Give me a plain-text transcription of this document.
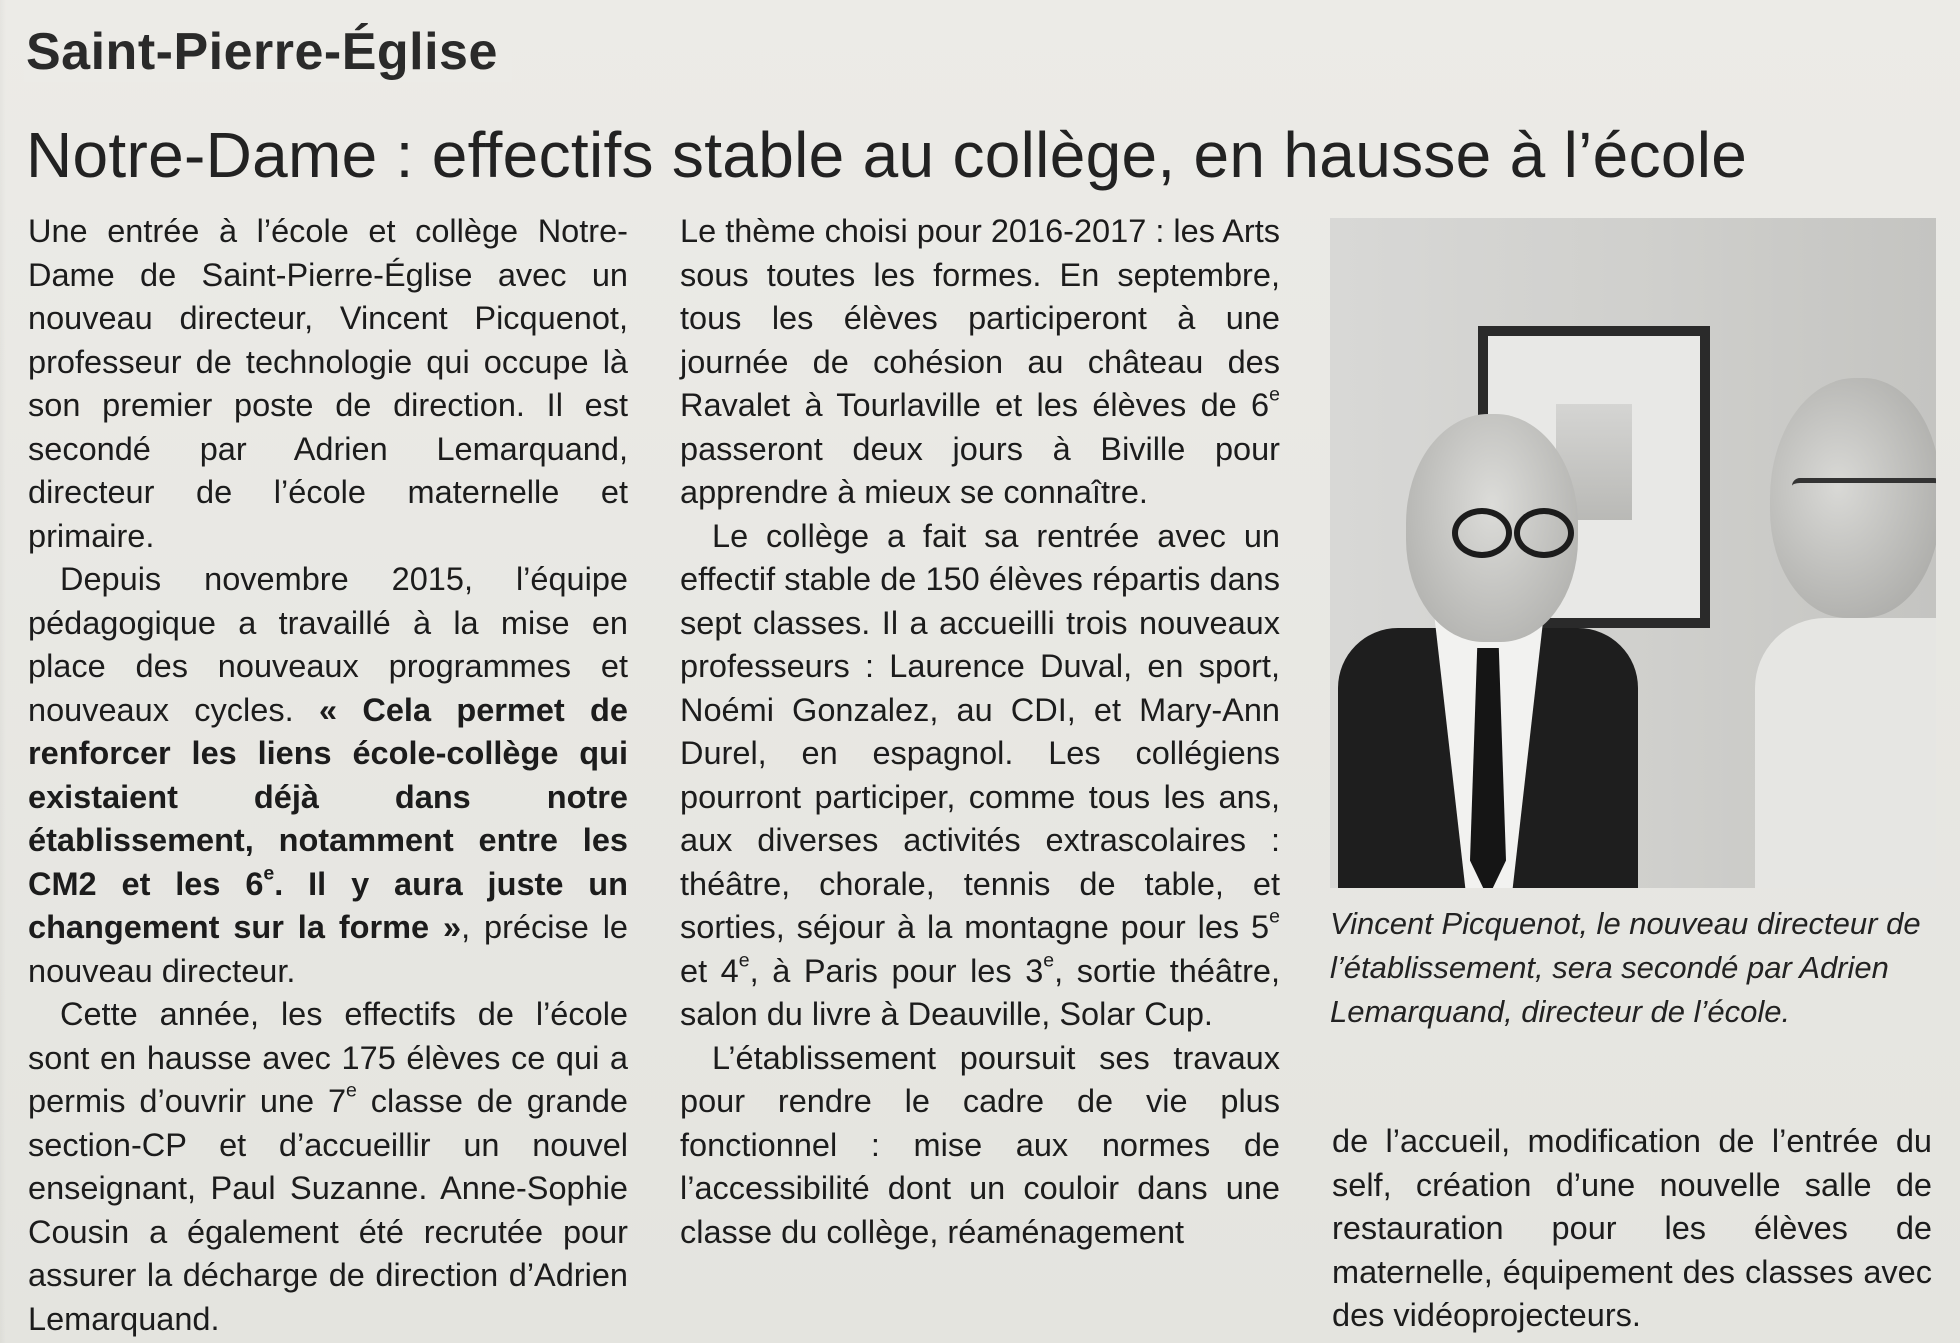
Saint-Pierre-Église
Notre-Dame : effectifs stable au collège, en hausse à l’école

Une entrée à l’école et collège Notre-Dame de Saint-Pierre-Église avec un nouveau directeur, Vincent Picquenot, professeur de technologie qui occupe là son premier poste de direction. Il est secondé par Adrien Lemarquand, directeur de l’école maternelle et primaire.

Depuis novembre 2015, l’équipe pédagogique a travaillé à la mise en place des nouveaux programmes et nouveaux cycles. « Cela permet de renforcer les liens école-collège qui existaient déjà dans notre établissement, notamment entre les CM2 et les 6e. Il y aura juste un changement sur la forme », précise le nouveau directeur.

Cette année, les effectifs de l’école sont en hausse avec 175 élèves ce qui a permis d’ouvrir une 7e classe de grande section-CP et d’accueillir un nouvel enseignant, Paul Suzanne. Anne-Sophie Cousin a également été recrutée pour assurer la décharge de direction d’Adrien Lemarquand.

Le thème choisi pour 2016-2017 : les Arts sous toutes les formes. En septembre, tous les élèves participeront à une journée de cohésion au château des Ravalet à Tourlaville et les élèves de 6e passeront deux jours à Biville pour apprendre à mieux se connaître.

Le collège a fait sa rentrée avec un effectif stable de 150 élèves répartis dans sept classes. Il a accueilli trois nouveaux professeurs : Laurence Duval, en sport, Noémi Gonzalez, au CDI, et Mary-Ann Durel, en espagnol. Les collégiens pourront participer, comme tous les ans, aux diverses activités extrascolaires : théâtre, chorale, tennis de table, et sorties, séjour à la montagne pour les 5e et 4e, à Paris pour les 3e, sortie théâtre, salon du livre à Deauville, Solar Cup.

L’établissement poursuit ses travaux pour rendre le cadre de vie plus fonctionnel : mise aux normes de l’accessibilité dont un couloir dans une classe du collège, réaménagement

Vincent Picquenot, le nouveau directeur de l’établissement, sera secondé par Adrien Lemarquand, directeur de l’école.

de l’accueil, modification de l’entrée du self, création d’une nouvelle salle de restauration pour les élèves de maternelle, équipement des classes avec des vidéoprojecteurs.
